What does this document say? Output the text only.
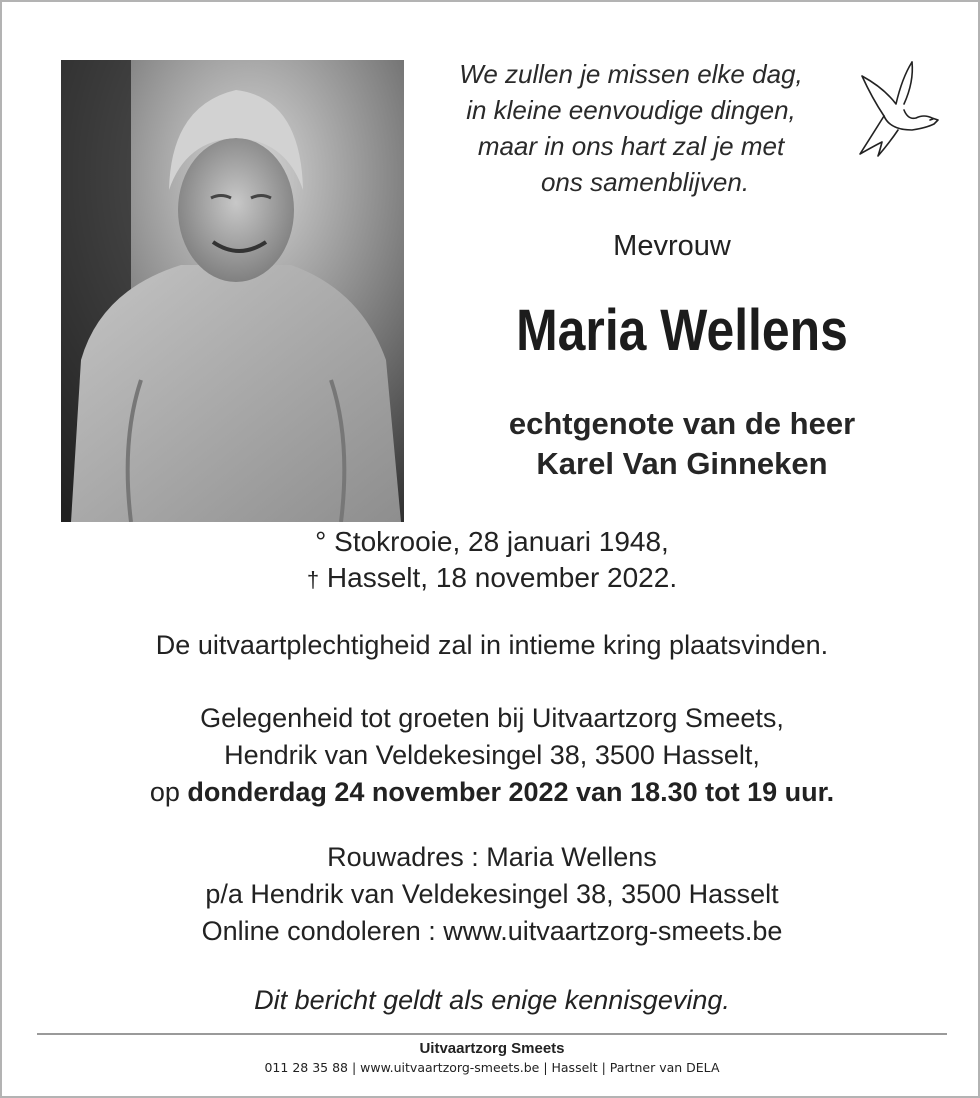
We zullen je missen elke dag,
in kleine eenvoudige dingen,
maar in ons hart zal je met
ons samenblijven.
Mevrouw
Maria Wellens
echtgenote van de heer
Karel Van Ginneken
° Stokrooie, 28 januari 1948,
† Hasselt, 18 november 2022.
De uitvaartplechtigheid zal in intieme kring plaatsvinden.
Gelegenheid tot groeten bij Uitvaartzorg Smeets,
Hendrik van Veldekesingel 38, 3500 Hasselt,
op donderdag 24 november 2022 van 18.30 tot 19 uur.
Rouwadres : Maria Wellens
p/a Hendrik van Veldekesingel 38, 3500 Hasselt
Online condoleren : www.uitvaartzorg-smeets.be
Dit bericht geldt als enige kennisgeving.
Uitvaartzorg Smeets
011 28 35 88 | www.uitvaartzorg-smeets.be | Hasselt | Partner van DELA
